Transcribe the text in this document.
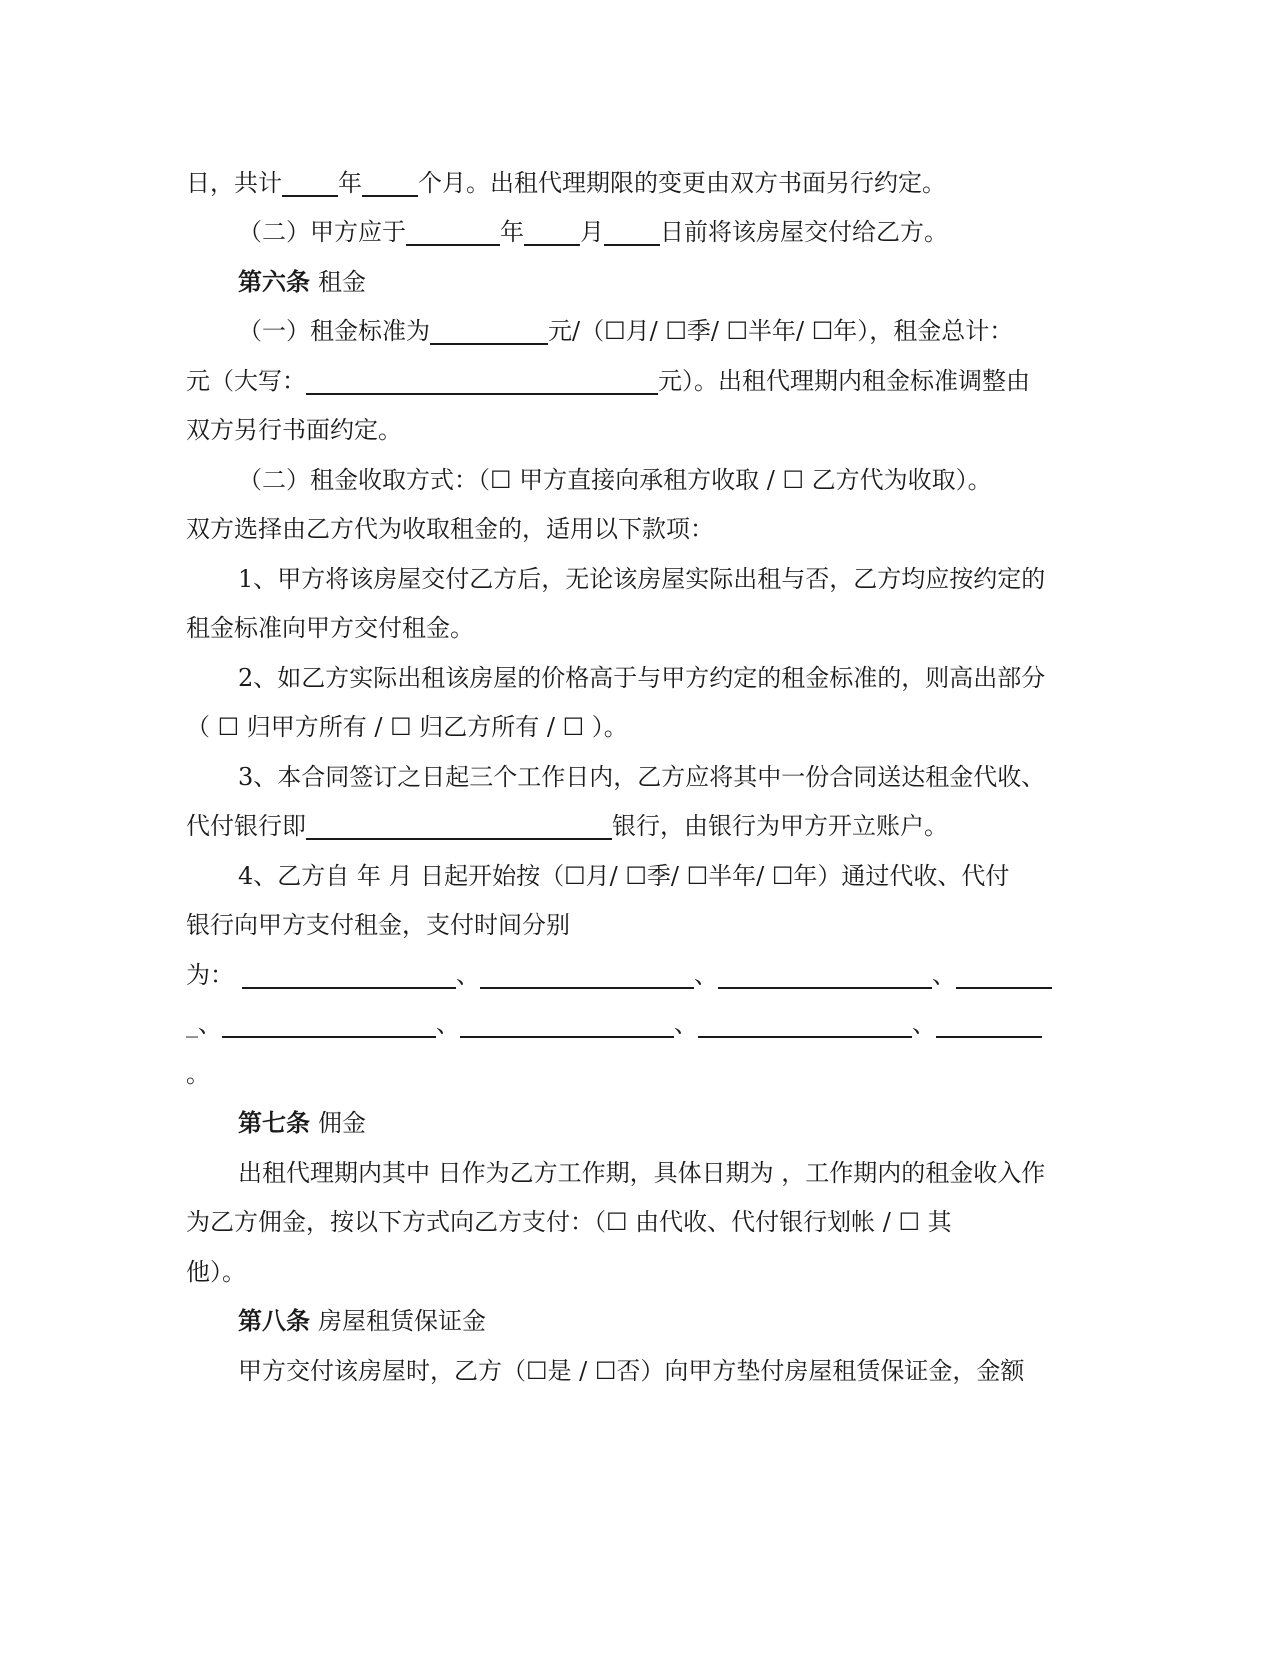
日，共计 年 个月。出租代理期限的变更由双方书面另行约定。
（二）甲方应于	年 月 日前将该房屋交付给乙方。
第六条 租金
（一）租金标准为	元/（☐月/ ☐季/ ☐半年/ ☐年），租金总计：
元（大写：	元）。出租代理期内租金标准调整由
双方另行书面约定。
（二）租金收取方式：（☐ 甲方直接向承租方收取 / ☐ 乙方代为收取）。
双方选择由乙方代为收取租金的，适用以下款项：
1、甲方将该房屋交付乙方后，无论该房屋实际出租与否，乙方均应按约定的
租金标准向甲方交付租金。
2、如乙方实际出租该房屋的价格高于与甲方约定的租金标准的，则高出部分
（ ☐ 归甲方所有 / ☐ 归乙方所有 / ☐ ）。
3、本合同签订之日起三个工作日内，乙方应将其中一份合同送达租金代收、
代付银行即	银行，由银行为甲方开立账户。
4、乙方自 年 月 日起开始按（☐月/ ☐季/ ☐半年/ ☐年）通过代收、代付
银行向甲方支付租金，支付时间分别
为：	、	、	、
_、	、	、	、
。
第七条 佣金
出租代理期内其中 日作为乙方工作期，具体日期为 ，工作期内的租金收入作
为乙方佣金，按以下方式向乙方支付：（☐ 由代收、代付银行划帐 / ☐ 其
他）。
第八条 房屋租赁保证金
甲方交付该房屋时，乙方（☐是 / ☐否）向甲方垫付房屋租赁保证金，金额
